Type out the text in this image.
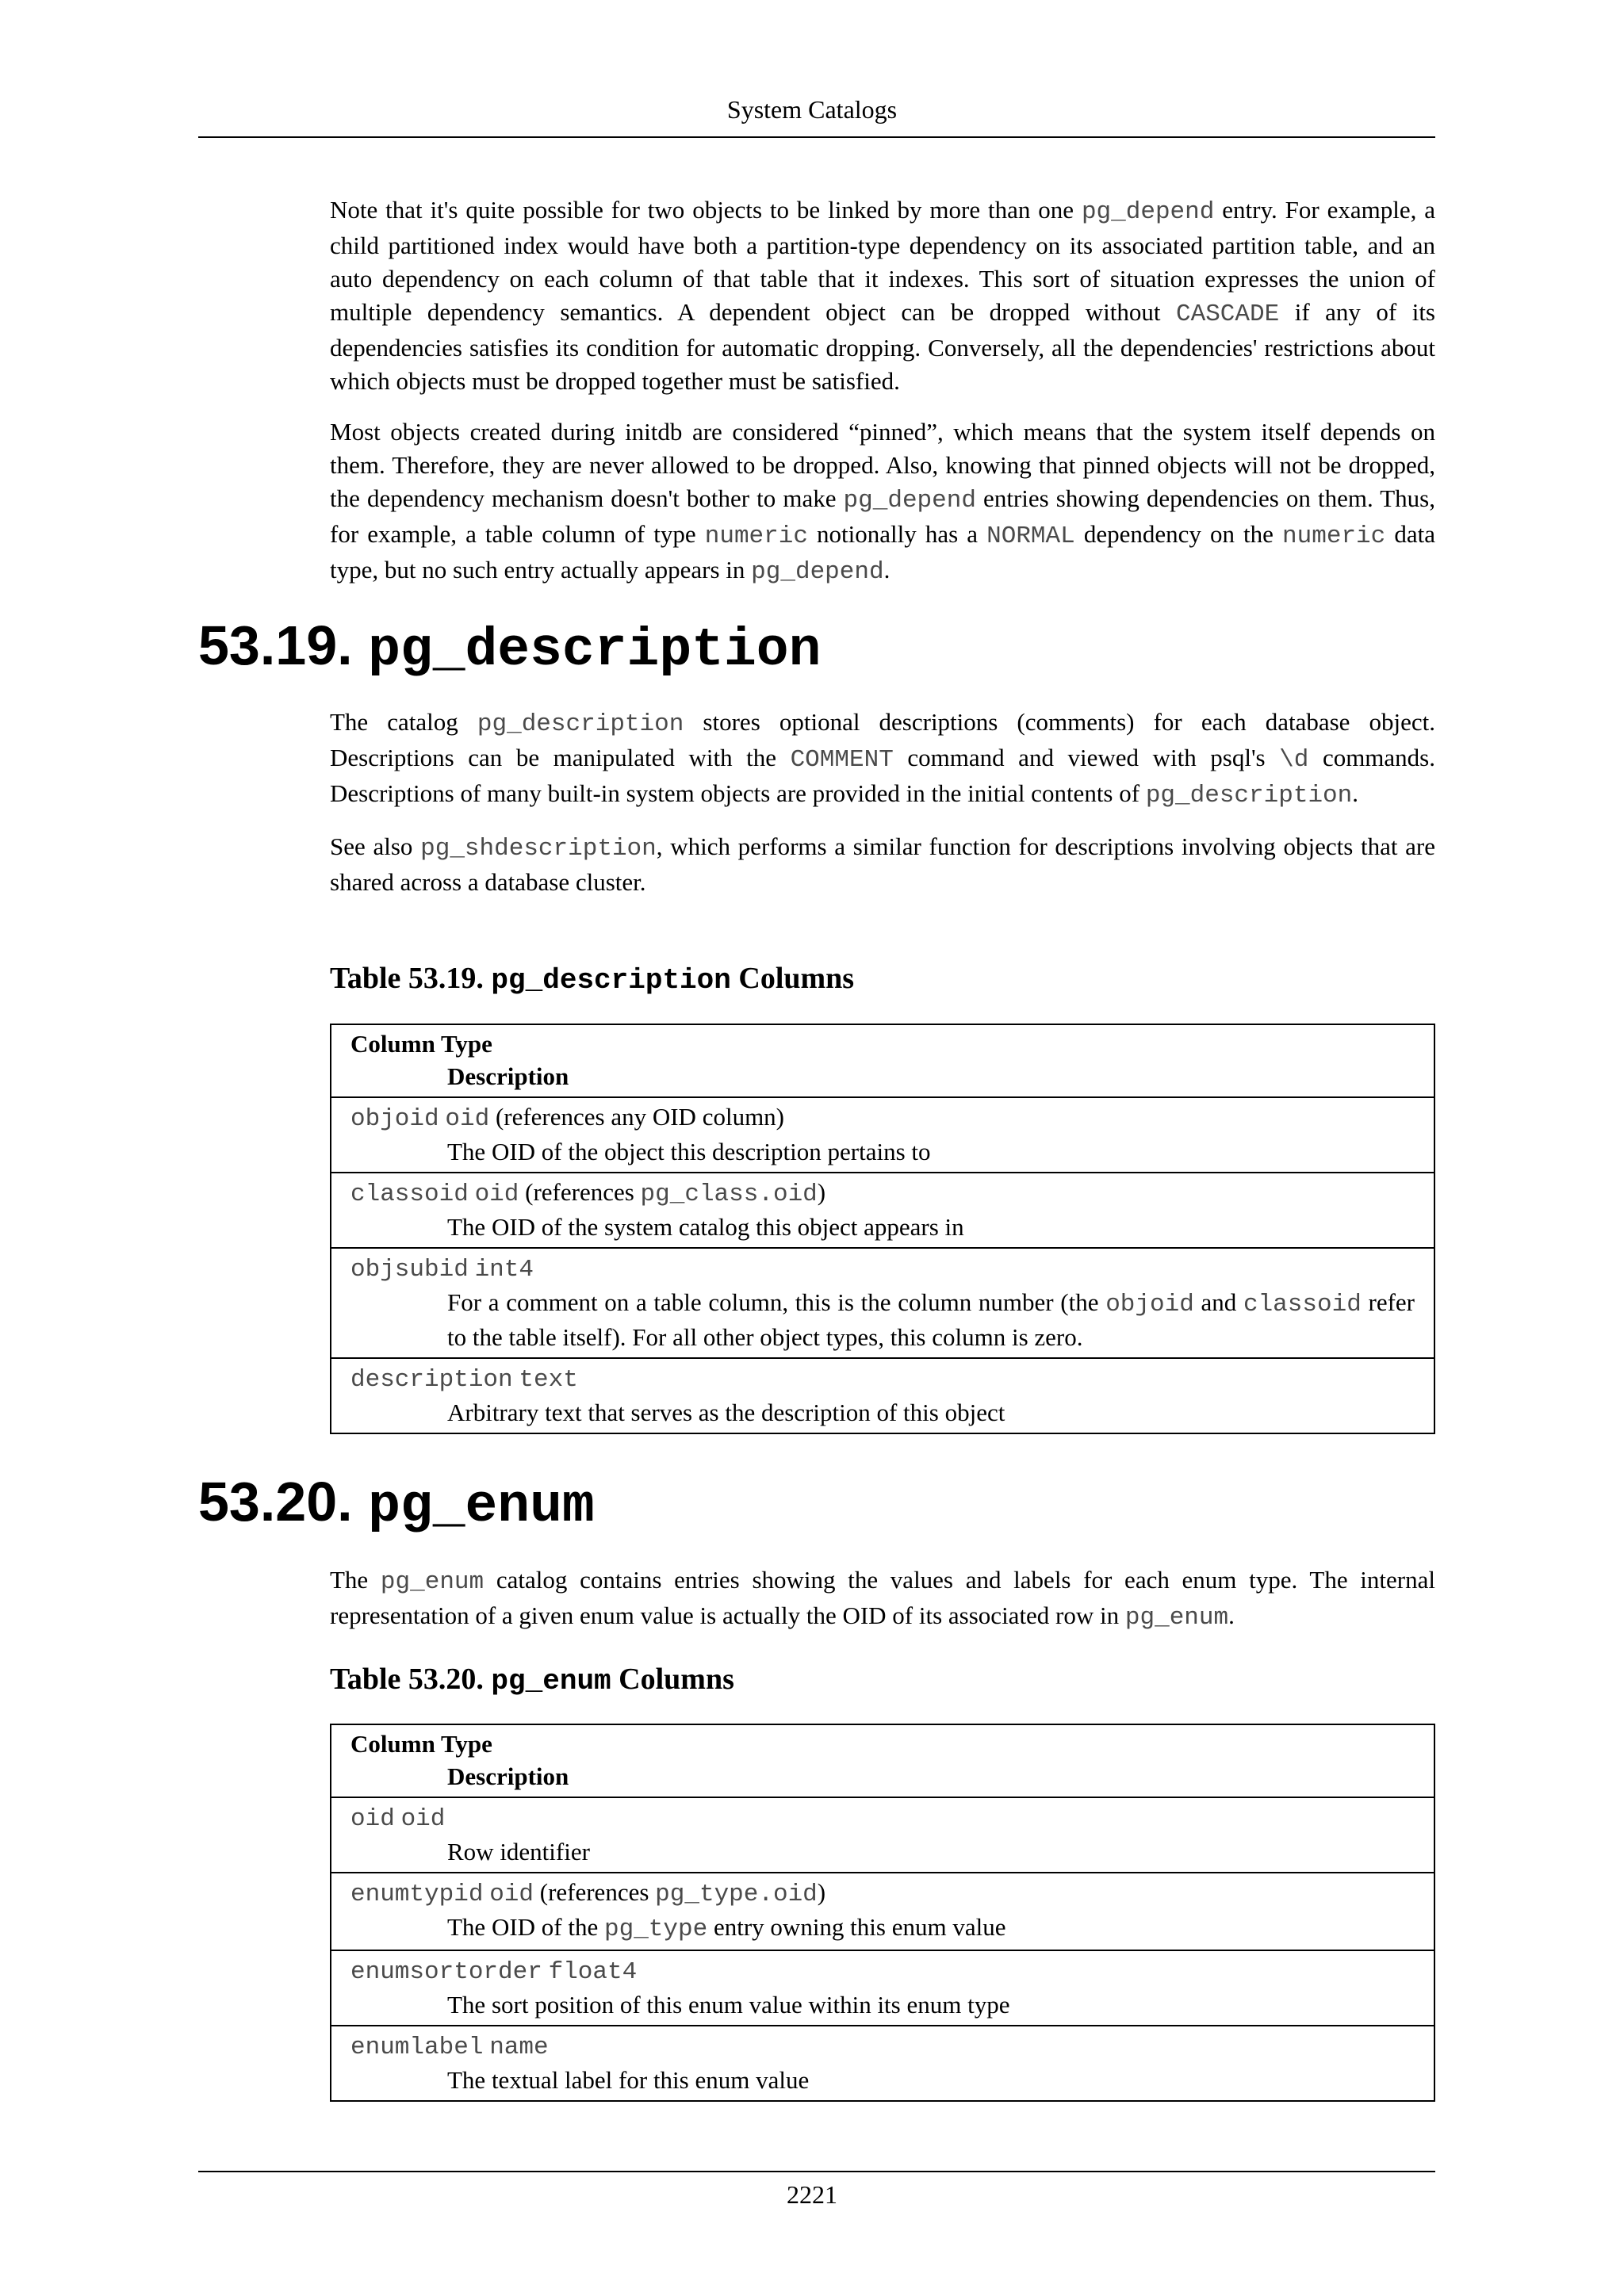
System Catalogs

Note that it's quite possible for two objects to be linked by more than one pg_depend entry. For example, a child partitioned index would have both a partition-type dependency on its associated partition table, and an auto dependency on each column of that table that it indexes. This sort of situation expresses the union of multiple dependency semantics. A dependent object can be dropped without CASCADE if any of its dependencies satisfies its condition for automatic dropping. Conversely, all the dependencies' restrictions about which objects must be dropped together must be satisfied.

Most objects created during initdb are considered “pinned”, which means that the system itself depends on them. Therefore, they are never allowed to be dropped. Also, knowing that pinned objects will not be dropped, the dependency mechanism doesn't bother to make pg_depend entries showing dependencies on them. Thus, for example, a table column of type numeric notionally has a NORMAL dependency on the numeric data type, but no such entry actually appears in pg_depend.

53.19. pg_description

The catalog pg_description stores optional descriptions (comments) for each database object. Descriptions can be manipulated with the COMMENT command and viewed with psql's \d commands. Descriptions of many built-in system objects are provided in the initial contents of pg_description.

See also pg_shdescription, which performs a similar function for descriptions involving objects that are shared across a database cluster.

Table 53.19. pg_description Columns
Column Type
Description

objoid oid (references any OID column)
The OID of the object this description pertains to

classoid oid (references pg_class.oid)
The OID of the system catalog this object appears in

objsubid int4
For a comment on a table column, this is the column number (the objoid and classoid refer to the table itself). For all other object types, this column is zero.

description text
Arbitrary text that serves as the description of this object
53.20. pg_enum

The pg_enum catalog contains entries showing the values and labels for each enum type. The internal representation of a given enum value is actually the OID of its associated row in pg_enum.

Table 53.20. pg_enum Columns
Column Type
Description

oid oid
Row identifier

enumtypid oid (references pg_type.oid)
The OID of the pg_type entry owning this enum value

enumsortorder float4
The sort position of this enum value within its enum type

enumlabel name
The textual label for this enum value
2221
